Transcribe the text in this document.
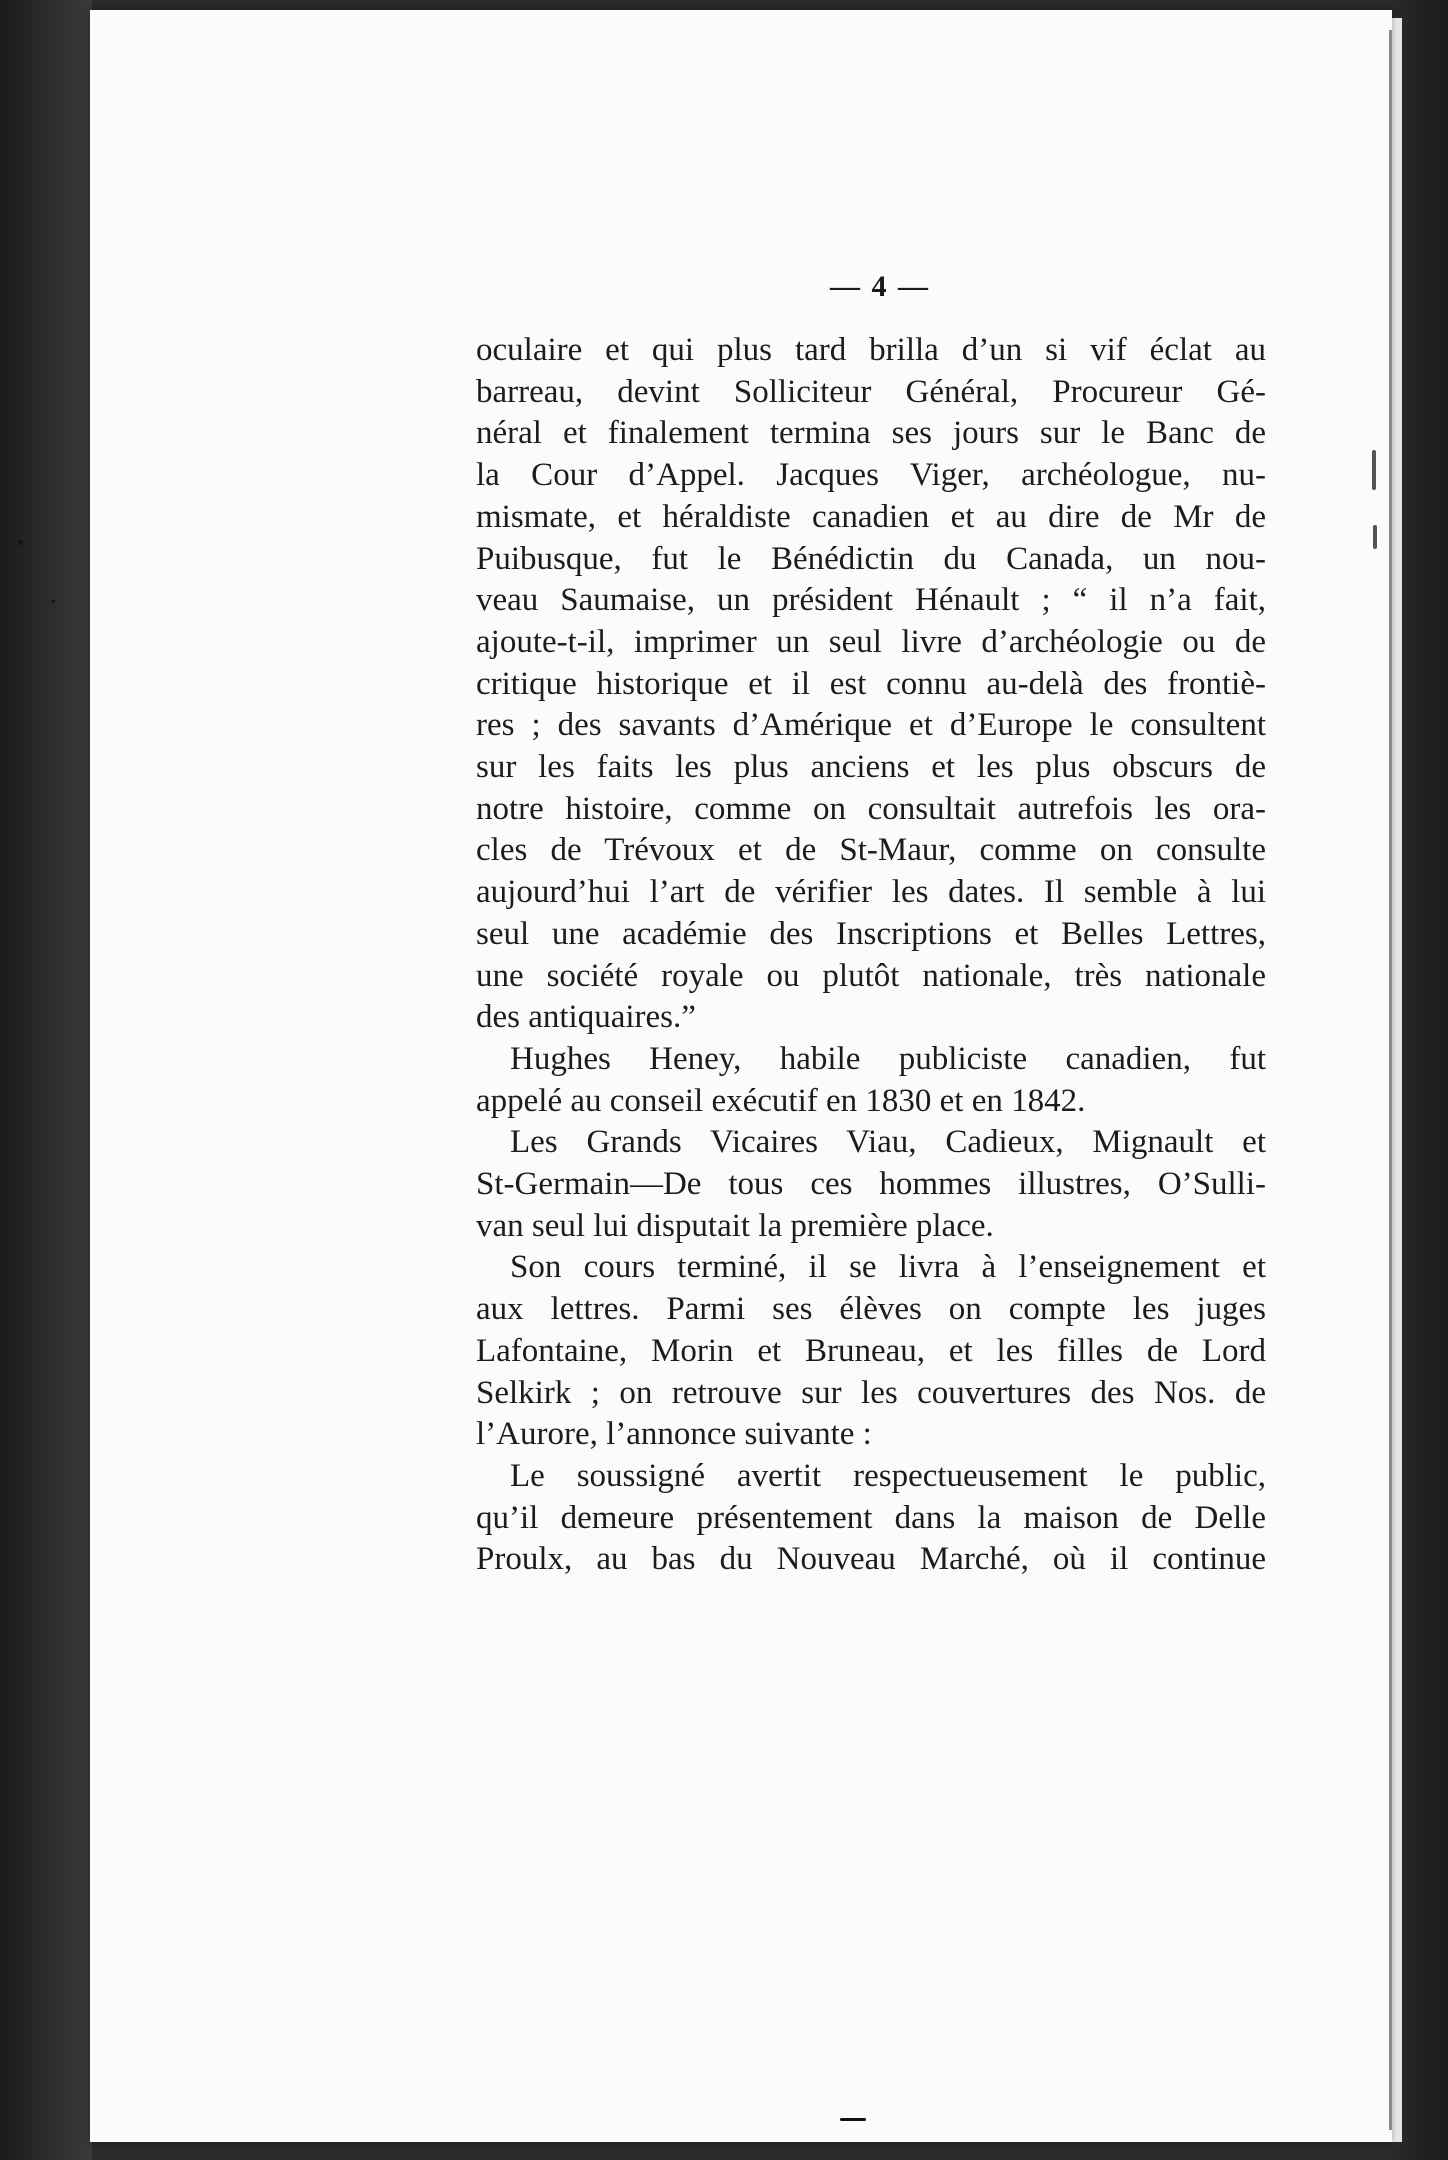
— 4 —
oculaire et qui plus tard brilla d’un si vif éclat au
barreau, devint Solliciteur Général, Procureur Gé-
néral et finalement termina ses jours sur le Banc de
la Cour d’Appel. Jacques Viger, archéologue, nu-
mismate, et héraldiste canadien et au dire de Mr de
Puibusque, fut le Bénédictin du Canada, un nou-
veau Saumaise, un président Hénault ; “ il n’a fait,
ajoute-t-il, imprimer un seul livre d’archéologie ou de
critique historique et il est connu au-delà des frontiè-
res ; des savants d’Amérique et d’Europe le consultent
sur les faits les plus anciens et les plus obscurs de
notre histoire, comme on consultait autrefois les ora-
cles de Trévoux et de St-Maur, comme on consulte
aujourd’hui l’art de vérifier les dates. Il semble à lui
seul une académie des Inscriptions et Belles Lettres,
une société royale ou plutôt nationale, très nationale
des antiquaires.”
Hughes Heney, habile publiciste canadien, fut
appelé au conseil exécutif en 1830 et en 1842.
Les Grands Vicaires Viau, Cadieux, Mignault et
St-Germain—De tous ces hommes illustres, O’Sulli-
van seul lui disputait la première place.
Son cours terminé, il se livra à l’enseignement et
aux lettres. Parmi ses élèves on compte les juges
Lafontaine, Morin et Bruneau, et les filles de Lord
Selkirk ; on retrouve sur les couvertures des Nos. de
l’Aurore, l’annonce suivante :
Le soussigné avertit respectueusement le public,
qu’il demeure présentement dans la maison de Delle
Proulx, au bas du Nouveau Marché, où il continue
